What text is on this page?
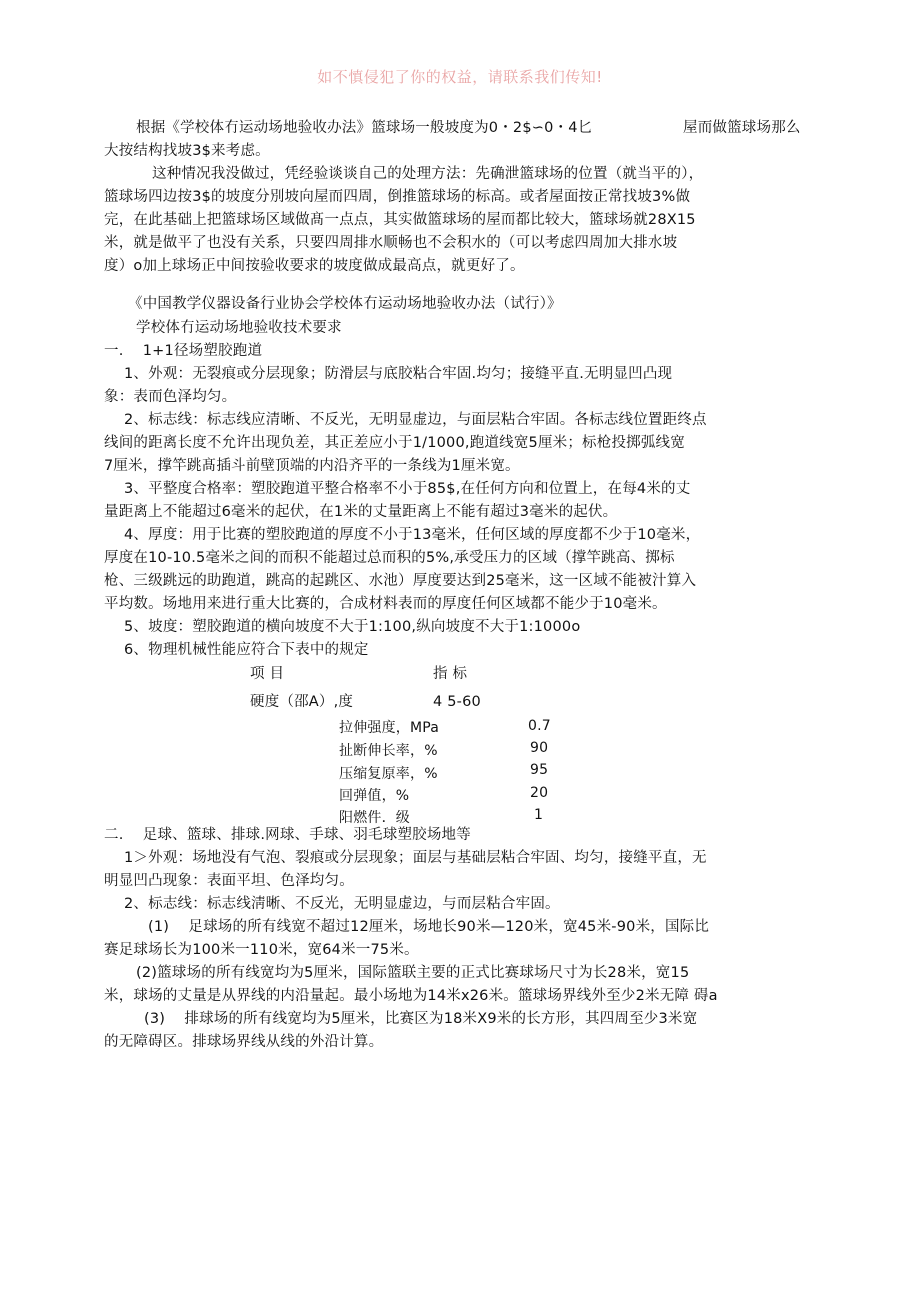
如不慎侵犯了你的权益，请联系我们传知!
根据《学校体冇运动场地验收办法》篮球场一般坡度为0・2$∽0・4匕	屋而做篮球场那么
大按结构找坡3$来考虑。
这种情况我没做过，凭经验谈谈自己的处理方法：先确泄篮球场的位置（就当平的），
篮球场四边按3$的坡度分別坡向屋而四周，倒推篮球场的标高。或者屋面按正常找坡3%做
完，在此基础上把篮球场区域做髙一点点，其实做篮球场的屋而都比较大，篮球场就28X15
米，就是做平了也没有关系，只要四周排水顺畅也不会积水的（可以考虑四周加大排水坡
度）o加上球场正中间按验收要求的坡度做成最高点，就更好了。
《中国教学仪器设备行业协会学校体冇运动场地验收办法（试行）》
学校体冇运动场地验收技术要求
一.    1+1径场塑胶跑道
1、外观：无裂痕或分层现象；防滑层与底胶粘合牢固.均匀；接缝平直.无明显凹凸现
象：表而色泽均匀。
2、标志线：标志线应清晰、不反光，无明显虚边，与面层粘合牢固。各标志线位置距终点
线间的距离长度不允许出现负差，其正差应小于1/1000,跑道线宽5厘米；标枪投掷弧线宽
7厘米，撑竿跳髙插斗前壁顶端的内沿齐平的一条线为1厘米宽。
3、平整度合格率：塑胶跑道平整合格率不小于85$,在任何方向和位置上，在每4米的丈
量距离上不能超过6毫米的起伏，在1米的丈量距离上不能有超过3毫米的起伏。
4、厚度：用于比赛的塑胶跑道的厚度不小于13毫米，任何区域的厚度都不少于10毫米，
厚度在10-10.5毫米之间的而积不能超过总而积的5%,承受压力的区域（撑竿跳高、掷标
枪、三级跳远的助跑道，跳高的起跳区、水池）厚度要达到25毫米，这一区域不能被汁算入
平均数。场地用来进行重大比赛的，合成材料表而的厚度任何区域都不能少于10毫米。
5、坡度：塑胶跑道的横向坡度不大于1:100,纵向坡度不大于1:1000o
6、物理机械性能应符合下表中的规定
项 目	指 标
硬度（邵A）,度	4 5-60
拉伸强度，MPa	0.7
扯断伸长率，%	90
压缩复原率，%	95
回弹值，%	20
阳燃件．级	1
二.    足球、篮球、排球.网球、手球、羽毛球塑胶场地等
1＞外观：场地没有气泡、裂痕或分层现象；面层与基础层粘合牢固、均匀，接缝平直，无
明显凹凸现象：表面平坦、色泽均匀。
2、标志线：标志线淸晰、不反光，无明显虚边，与而层粘合牢固。
(1)    足球场的所有线宽不超过12厘米，场地长90米—120米，宽45米-90米，国际比
赛足球场长为100米一110米，宽64米一75米。
(2)篮球场的所有线宽均为5厘米，国际篮联主要的正式比赛球场尺寸为长28米，宽15
米，球场的丈量是从界线的内沿量起。最小场地为14米x26米。篮球场界线外至少2米无障 碍a
(3)    排球场的所有线宽均为5厘米，比赛区为18米X9米的长方形，其四周至少3米宽
的无障碍区。排球场界线从线的外沿计算。
